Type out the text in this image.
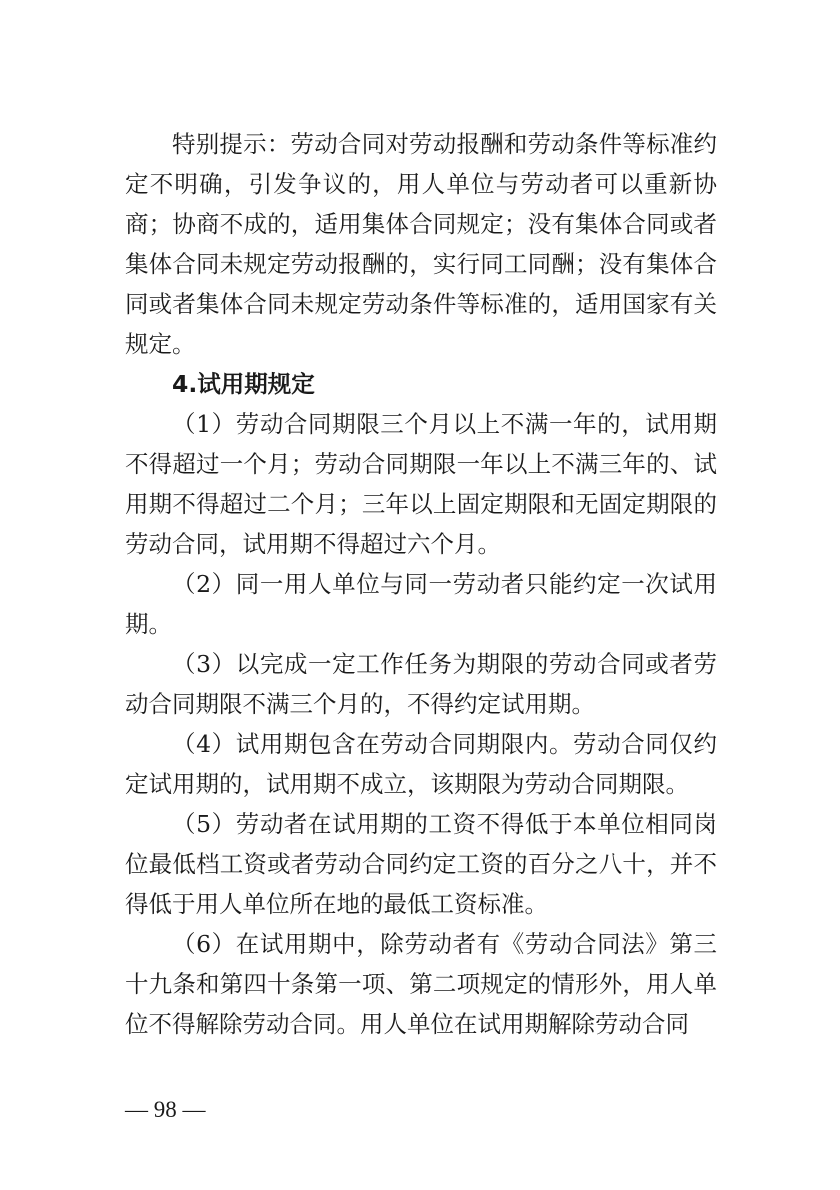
特别提示：劳动合同对劳动报酬和劳动条件等标准约定不明确，引发争议的，用人单位与劳动者可以重新协商；协商不成的，适用集体合同规定；没有集体合同或者集体合同未规定劳动报酬的，实行同工同酬；没有集体合同或者集体合同未规定劳动条件等标准的，适用国家有关规定。

4.试用期规定

（1）劳动合同期限三个月以上不满一年的，试用期不得超过一个月；劳动合同期限一年以上不满三年的、试用期不得超过二个月；三年以上固定期限和无固定期限的劳动合同，试用期不得超过六个月。

（2）同一用人单位与同一劳动者只能约定一次试用期。

（3）以完成一定工作任务为期限的劳动合同或者劳动合同期限不满三个月的，不得约定试用期。

（4）试用期包含在劳动合同期限内。劳动合同仅约定试用期的，试用期不成立，该期限为劳动合同期限。

（5）劳动者在试用期的工资不得低于本单位相同岗位最低档工资或者劳动合同约定工资的百分之八十，并不得低于用人单位所在地的最低工资标准。

（6）在试用期中，除劳动者有《劳动合同法》第三十九条和第四十条第一项、第二项规定的情形外，用人单位不得解除劳动合同。用人单位在试用期解除劳动合同

— 98 —
